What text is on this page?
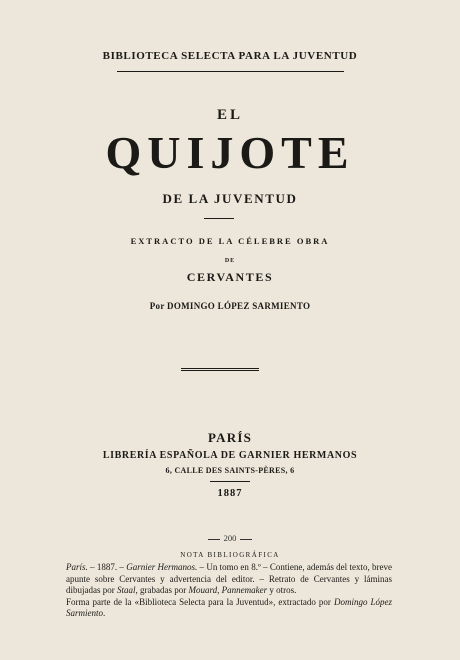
BIBLIOTECA SELECTA PARA LA JUVENTUD
EL
QUIJOTE
DE LA JUVENTUD
EXTRACTO DE LA CÉLEBRE OBRA
DE
CERVANTES
Por DOMINGO LÓPEZ SARMIENTO
PARÍS
LIBRERÍA ESPAÑOLA DE GARNIER HERMANOS
6, CALLE DES SAINTS-PÈRES, 6
1887
200
NOTA BIBLIOGRÁFICA

París. – 1887. – Garnier Hermanos. – Un tomo en 8.º – Contiene, además del texto, breve apunte sobre Cervantes y advertencia del editor. – Retrato de Cervantes y láminas dibujadas por Staal, grabadas por Mouard, Pannemaker y otros.

Forma parte de la «Biblioteca Selecta para la Juventud», extractado por Domingo López Sarmiento.
